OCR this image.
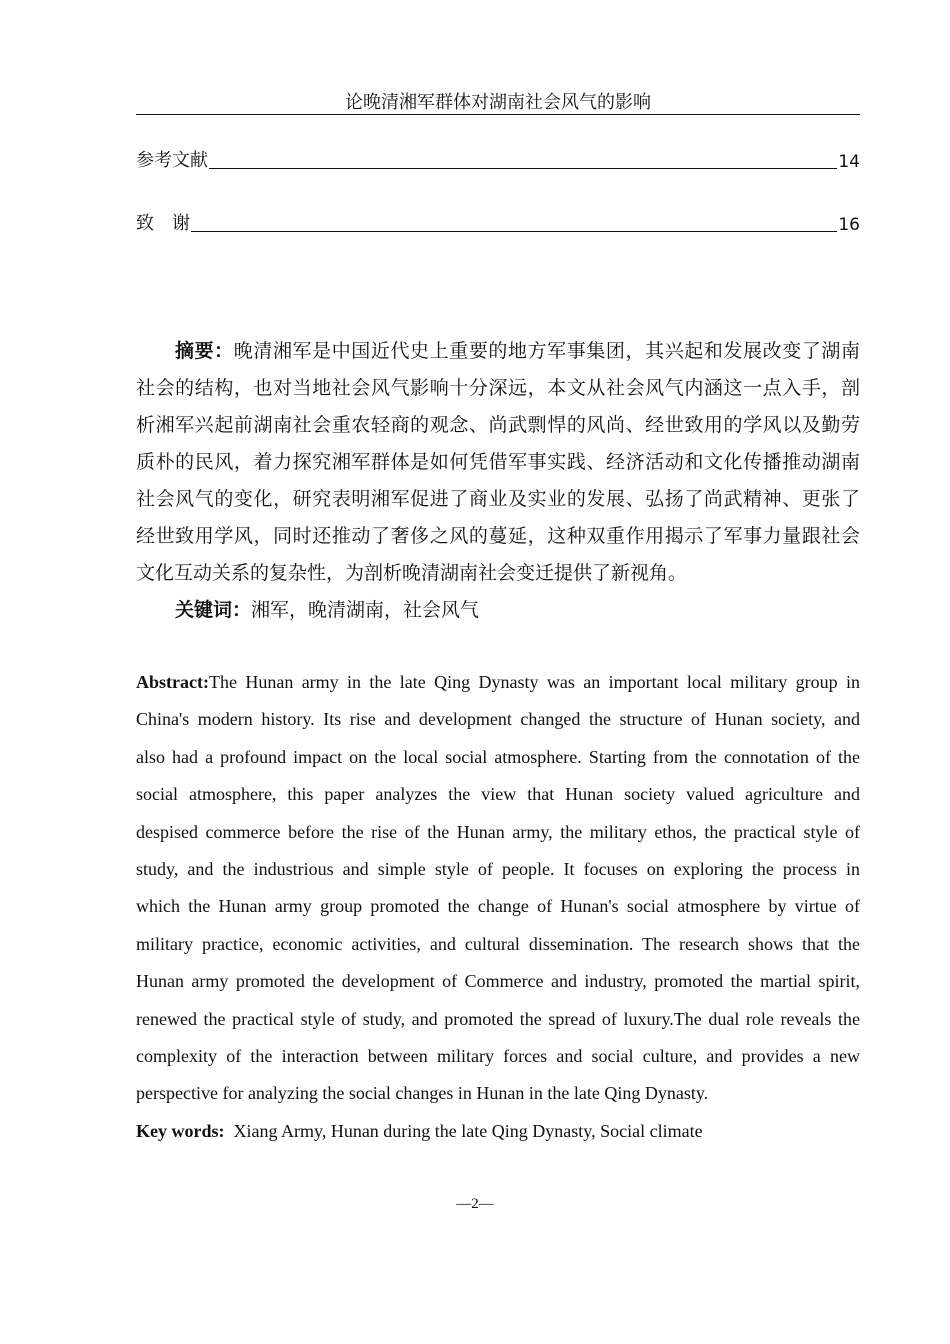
论晚清湘军群体对湖南社会风气的影响
参考文献	14
致    谢	16
摘要：晚清湘军是中国近代史上重要的地方军事集团，其兴起和发展改变了湖南
社会的结构，也对当地社会风气影响十分深远，本文从社会风气内涵这一点入手，剖
析湘军兴起前湖南社会重农轻商的观念、尚武剽悍的风尚、经世致用的学风以及勤劳
质朴的民风，着力探究湘军群体是如何凭借军事实践、经济活动和文化传播推动湖南
社会风气的变化，研究表明湘军促进了商业及实业的发展、弘扬了尚武精神、更张了
经世致用学风，同时还推动了奢侈之风的蔓延，这种双重作用揭示了军事力量跟社会
文化互动关系的复杂性，为剖析晚清湖南社会变迁提供了新视角。
关键词：湘军，晚清湖南，社会风气
Abstract:The Hunan army in the late Qing Dynasty was an important local military group in
China's modern history. Its rise and development changed the structure of Hunan society, and
also had a profound impact on the local social atmosphere. Starting from the connotation of the
social atmosphere, this paper analyzes the view that Hunan society valued agriculture and
despised commerce before the rise of the Hunan army, the military ethos, the practical style of
study, and the industrious and simple style of people. It focuses on exploring the process in
which the Hunan army group promoted the change of Hunan's social atmosphere by virtue of
military practice, economic activities, and cultural dissemination. The research shows that the
Hunan army promoted the development of Commerce and industry, promoted the martial spirit,
renewed the practical style of study, and promoted the spread of luxury.The dual role reveals the
complexity of the interaction between military forces and social culture, and provides a new
perspective for analyzing the social changes in Hunan in the late Qing Dynasty.
Key words: Xiang Army, Hunan during the late Qing Dynasty, Social climate
—2—
